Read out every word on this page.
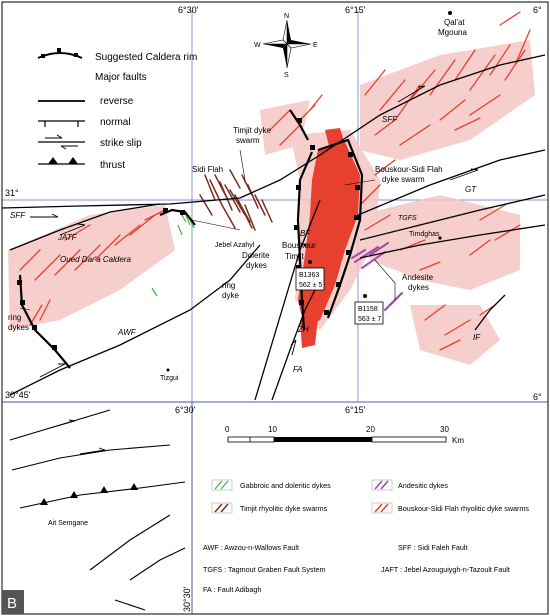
6°30'	6°15'	6°
6°30'	6°15'
6°
31°
30°45'
30°30'
N
S
E
W
Suggested Caldera rim
Major faults
reverse
normal
strike slip
thrust
Qal'at
Mgouna
Timjit dyke
swarm
Sidi Flah	Bouskour-Sidi Flah
dyke swarm
Jebel Azahyl
Dolerite
dykes
Bouskour
Timjit
Timdghas
Oued Dar'a Caldera
ring
dyke
ring
dykes
Andesite
dykes
Tizgui
Ait Semgane
SFF
SFF
GT
TGFS
JATF
AWF
BF
ZH
FA
IF
B1363
562 ± 5
B1158
563 ± 7
0	10	20	30
Km
Gabbroic and doleritic dykes	Andesitic dykes
Timjit rhyolitic dyke swarms	Bouskour-Sidi Flah rhyolitic dyke swarms
AWF : Awzou-n-Wallows Fault	SFF : Sidi Faleh Fault
TGFS : Tagmout Graben Fault System	JAFT : Jebel Azouguiygh-n-Tazoult Fault
FA : Fault Adibagh
B
